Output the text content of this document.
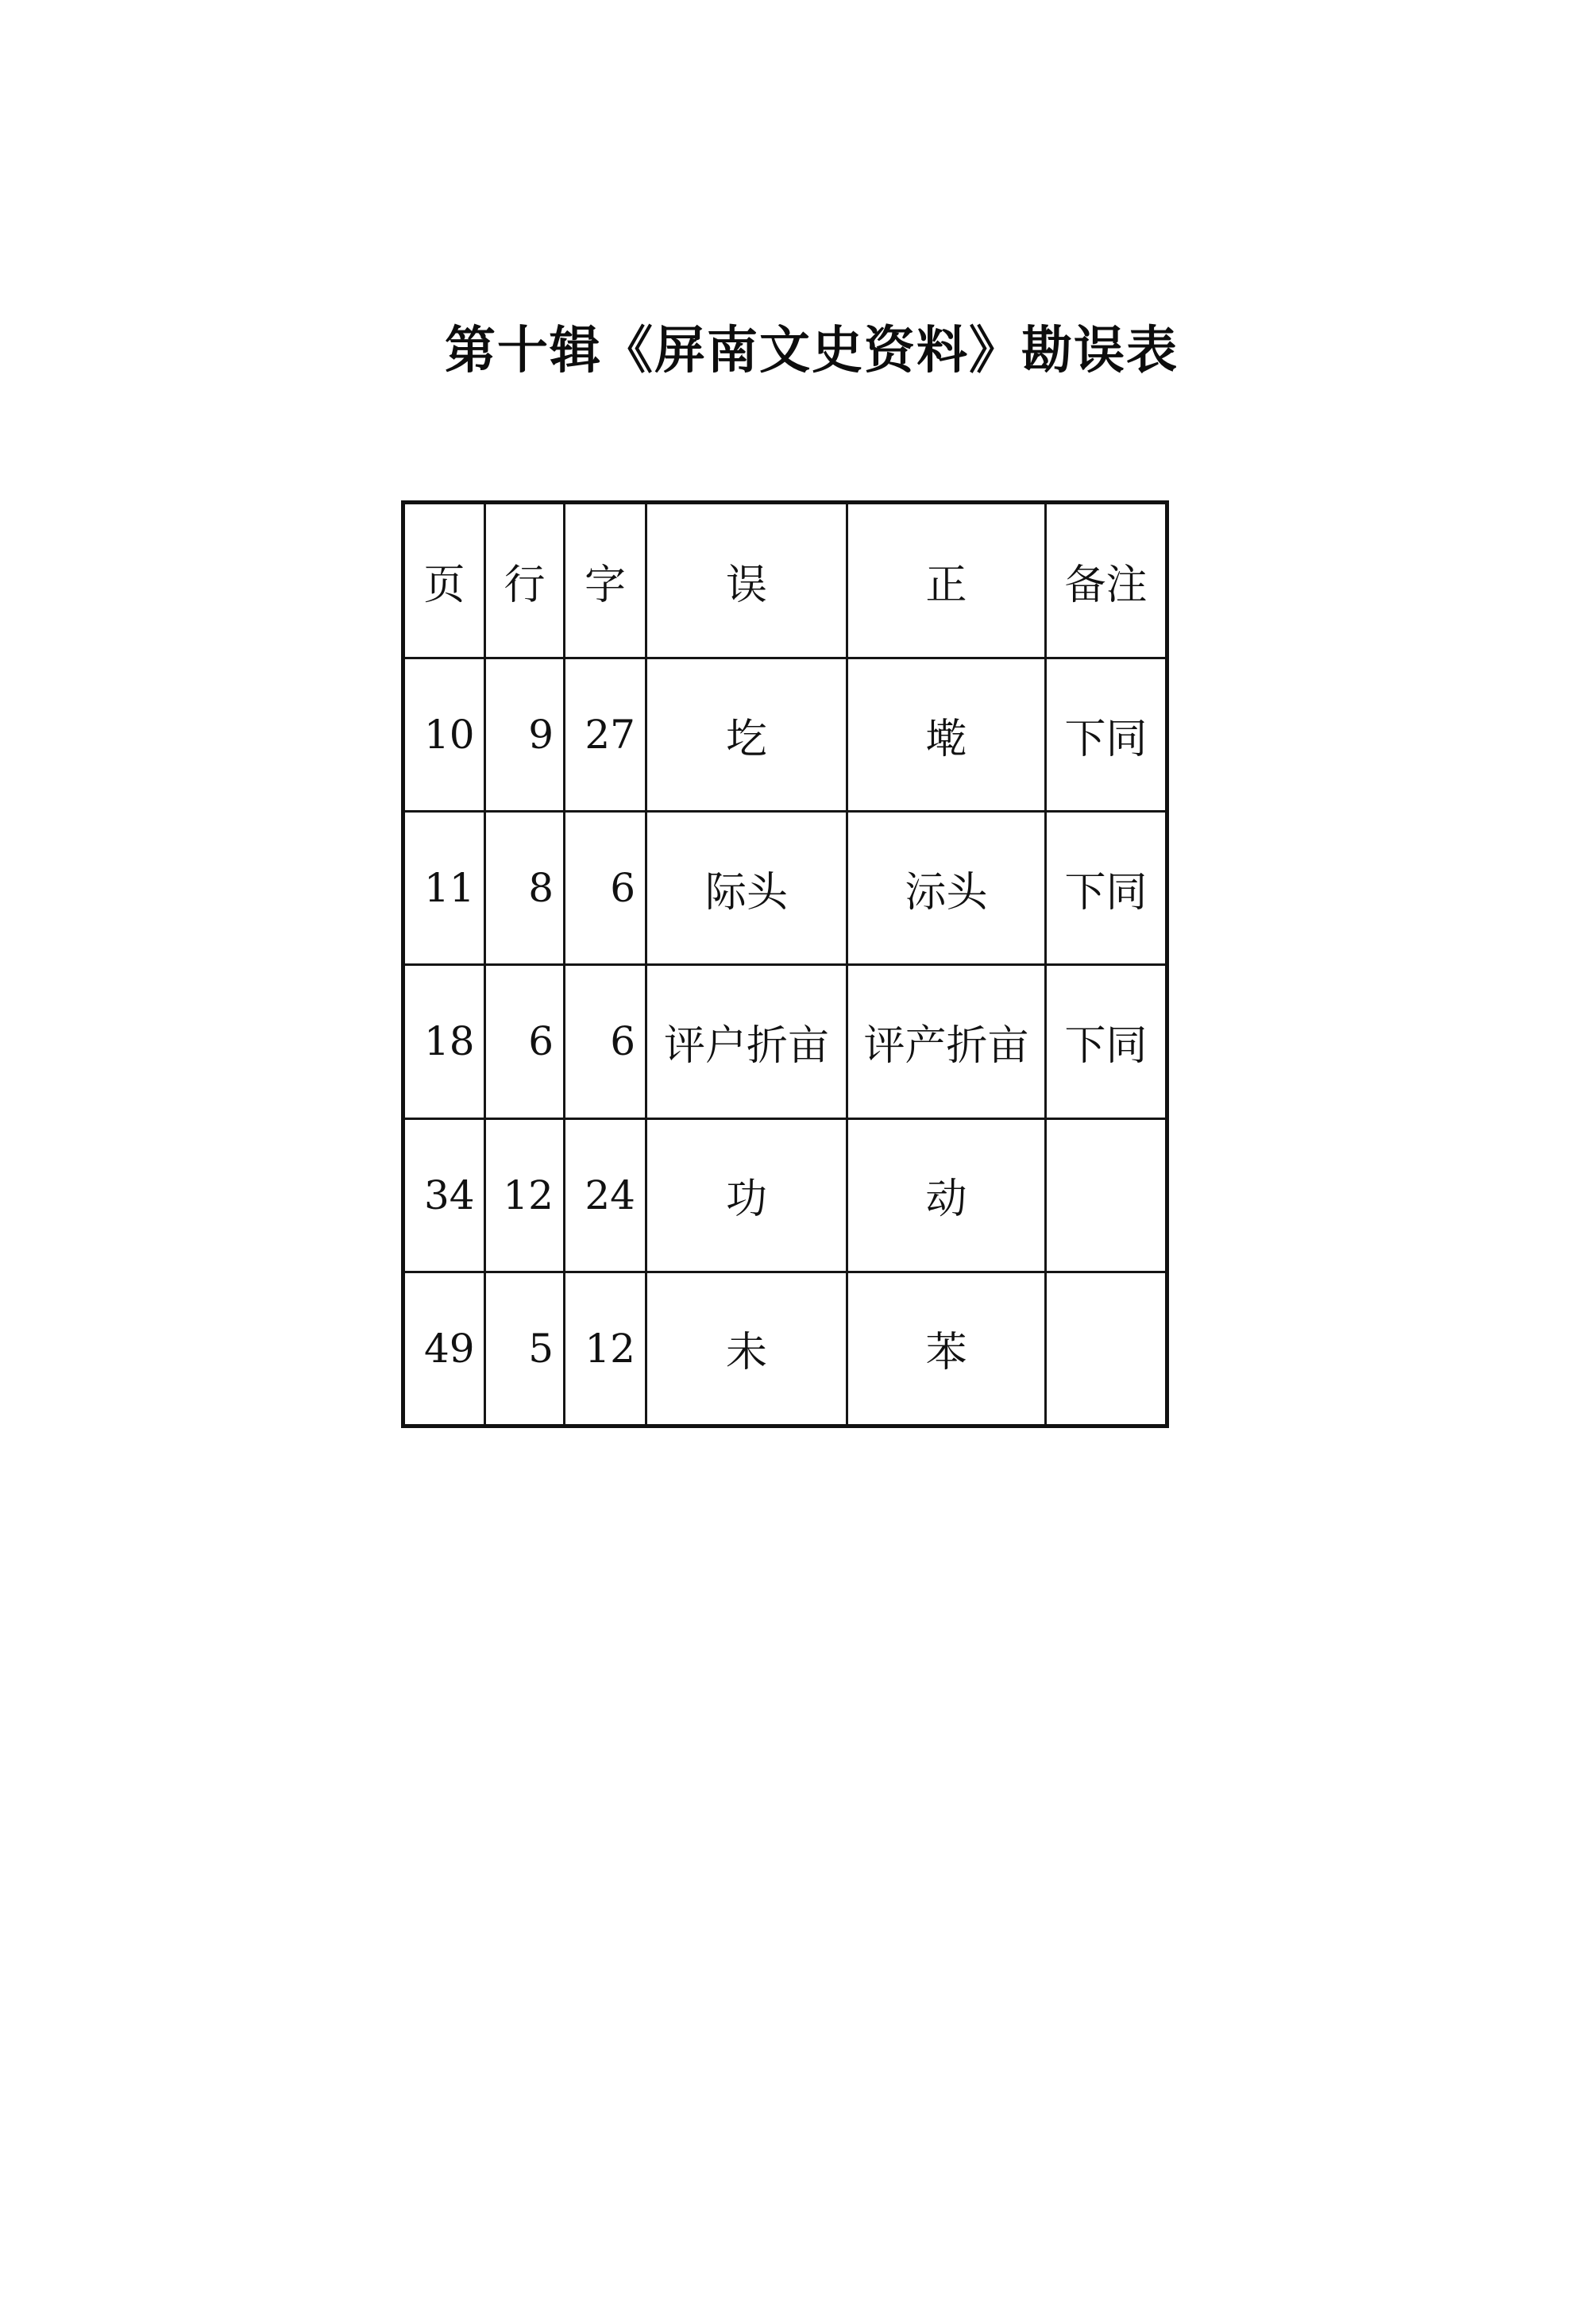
第十辑《屏南文史资料》勘误表
页	行	字	误	正	备注
10	9	27	圪	墘	下同
11	8	6	际头	沶头	下同
18	6	6	评户折亩	评产折亩	下同
34	12	24	功	动	
49	5	12	未	苯	
